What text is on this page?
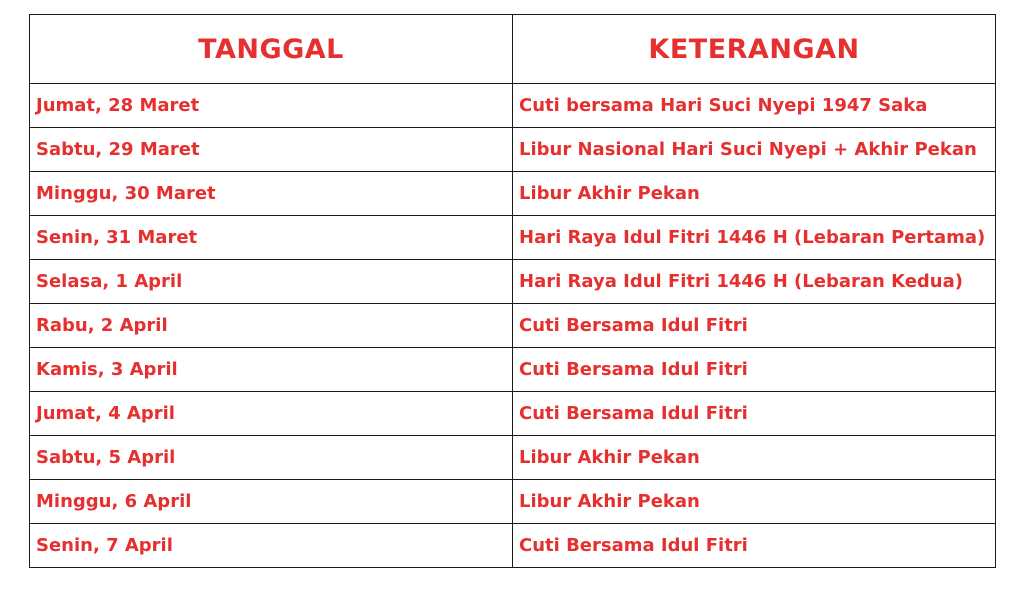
TANGGAL	KETERANGAN
Jumat, 28 Maret	Cuti bersama Hari Suci Nyepi 1947 Saka
Sabtu, 29 Maret	Libur Nasional Hari Suci Nyepi + Akhir Pekan
Minggu, 30 Maret	Libur Akhir Pekan
Senin, 31 Maret	Hari Raya Idul Fitri 1446 H (Lebaran Pertama)
Selasa, 1 April	Hari Raya Idul Fitri 1446 H (Lebaran Kedua)
Rabu, 2 April	Cuti Bersama Idul Fitri
Kamis, 3 April	Cuti Bersama Idul Fitri
Jumat, 4 April	Cuti Bersama Idul Fitri
Sabtu, 5 April	Libur Akhir Pekan
Minggu, 6 April	Libur Akhir Pekan
Senin, 7 April	Cuti Bersama Idul Fitri
